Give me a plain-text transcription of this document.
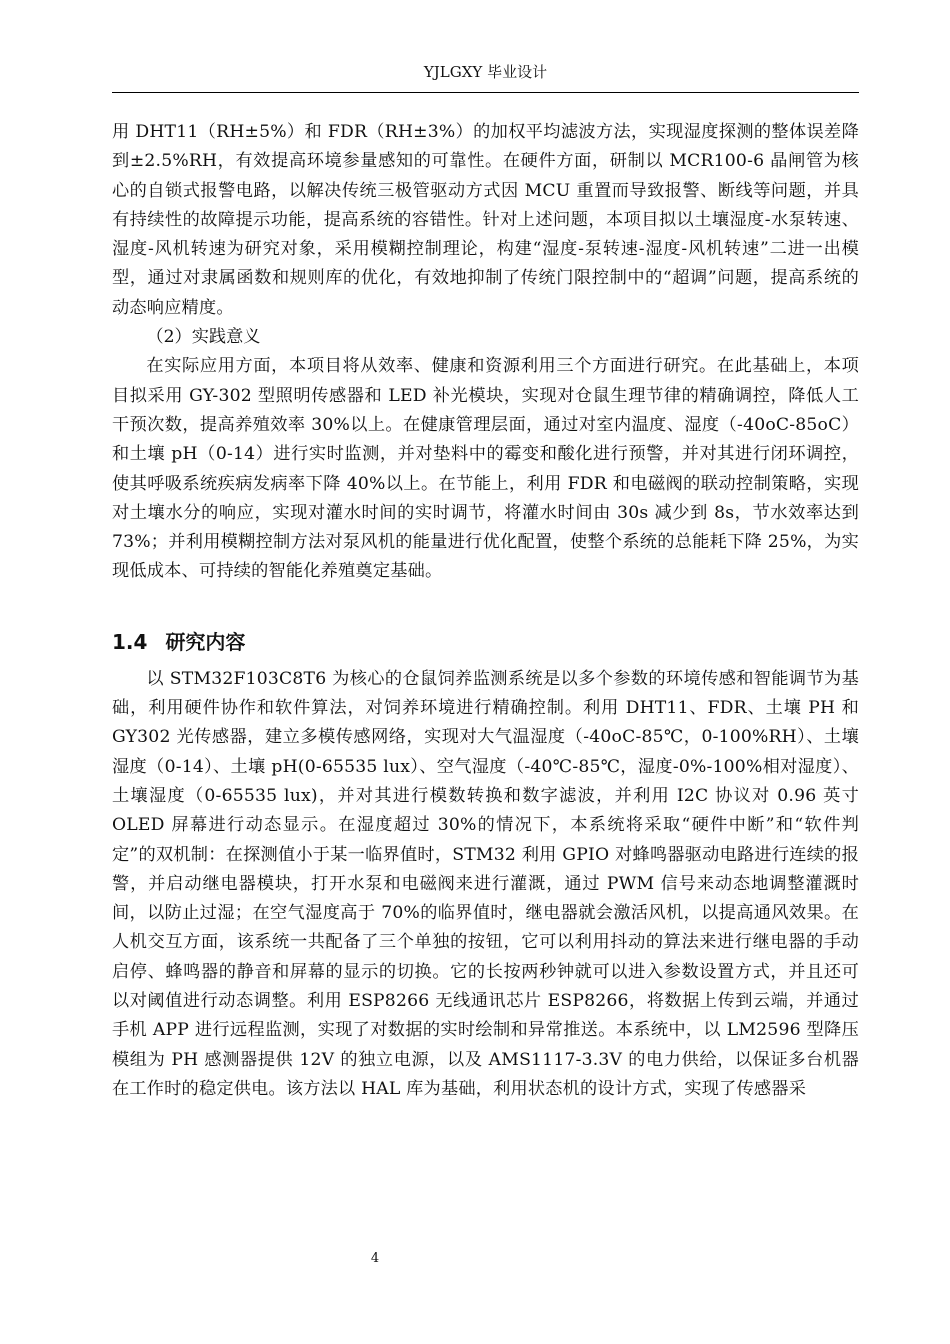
YJLGXY 毕业设计

用 DHT11（RH±5%）和 FDR（RH±3%）的加权平均滤波方法，实现湿度探测的整体误差降到±2.5%RH，有效提高环境参量感知的可靠性。在硬件方面，研制以 MCR100-6 晶闸管为核心的自锁式报警电路，以解决传统三极管驱动方式因 MCU 重置而导致报警、断线等问题，并具有持续性的故障提示功能，提高系统的容错性。针对上述问题，本项目拟以土壤湿度-水泵转速、湿度-风机转速为研究对象，采用模糊控制理论，构建“湿度-泵转速-湿度-风机转速”二进一出模型，通过对隶属函数和规则库的优化，有效地抑制了传统门限控制中的“超调”问题，提高系统的动态响应精度。

（2）实践意义

在实际应用方面，本项目将从效率、健康和资源利用三个方面进行研究。在此基础上，本项目拟采用 GY-302 型照明传感器和 LED 补光模块，实现对仓鼠生理节律的精确调控，降低人工干预次数，提高养殖效率 30%以上。在健康管理层面，通过对室内温度、湿度（-40oC-85oC）和土壤 pH（0-14）进行实时监测，并对垫料中的霉变和酸化进行预警，并对其进行闭环调控，使其呼吸系统疾病发病率下降 40%以上。在节能上，利用 FDR 和电磁阀的联动控制策略，实现对土壤水分的响应，实现对灌水时间的实时调节，将灌水时间由 30s 减少到 8s，节水效率达到 73%；并利用模糊控制方法对泵风机的能量进行优化配置，使整个系统的总能耗下降 25%，为实现低成本、可持续的智能化养殖奠定基础。

1.4 研究内容

以 STM32F103C8T6 为核心的仓鼠饲养监测系统是以多个参数的环境传感和智能调节为基础，利用硬件协作和软件算法，对饲养环境进行精确控制。利用 DHT11、FDR、土壤 PH 和 GY302 光传感器，建立多模传感网络，实现对大气温湿度（-40oC-85℃，0-100%RH）、土壤湿度（0-14）、土壤 pH(0-65535 lux）、空气湿度（-40℃-85℃，湿度-0%-100%相对湿度）、土壤湿度（0-65535 lux)，并对其进行模数转换和数字滤波，并利用 I2C 协议对 0.96 英寸 OLED 屏幕进行动态显示。在湿度超过 30%的情况下，本系统将采取“硬件中断”和“软件判定”的双机制：在探测值小于某一临界值时，STM32 利用 GPIO 对蜂鸣器驱动电路进行连续的报警，并启动继电器模块，打开水泵和电磁阀来进行灌溉，通过 PWM 信号来动态地调整灌溉时间，以防止过湿；在空气湿度高于 70%的临界值时，继电器就会激活风机，以提高通风效果。在人机交互方面，该系统一共配备了三个单独的按钮，它可以利用抖动的算法来进行继电器的手动启停、蜂鸣器的静音和屏幕的显示的切换。它的长按两秒钟就可以进入参数设置方式，并且还可以对阈值进行动态调整。利用 ESP8266 无线通讯芯片 ESP8266，将数据上传到云端，并通过手机 APP 进行远程监测，实现了对数据的实时绘制和异常推送。本系统中，以 LM2596 型降压模组为 PH 感测器提供 12V 的独立电源，以及 AMS1117-3.3V 的电力供给，以保证多台机器在工作时的稳定供电。该方法以 HAL 库为基础，利用状态机的设计方式，实现了传感器采

4
